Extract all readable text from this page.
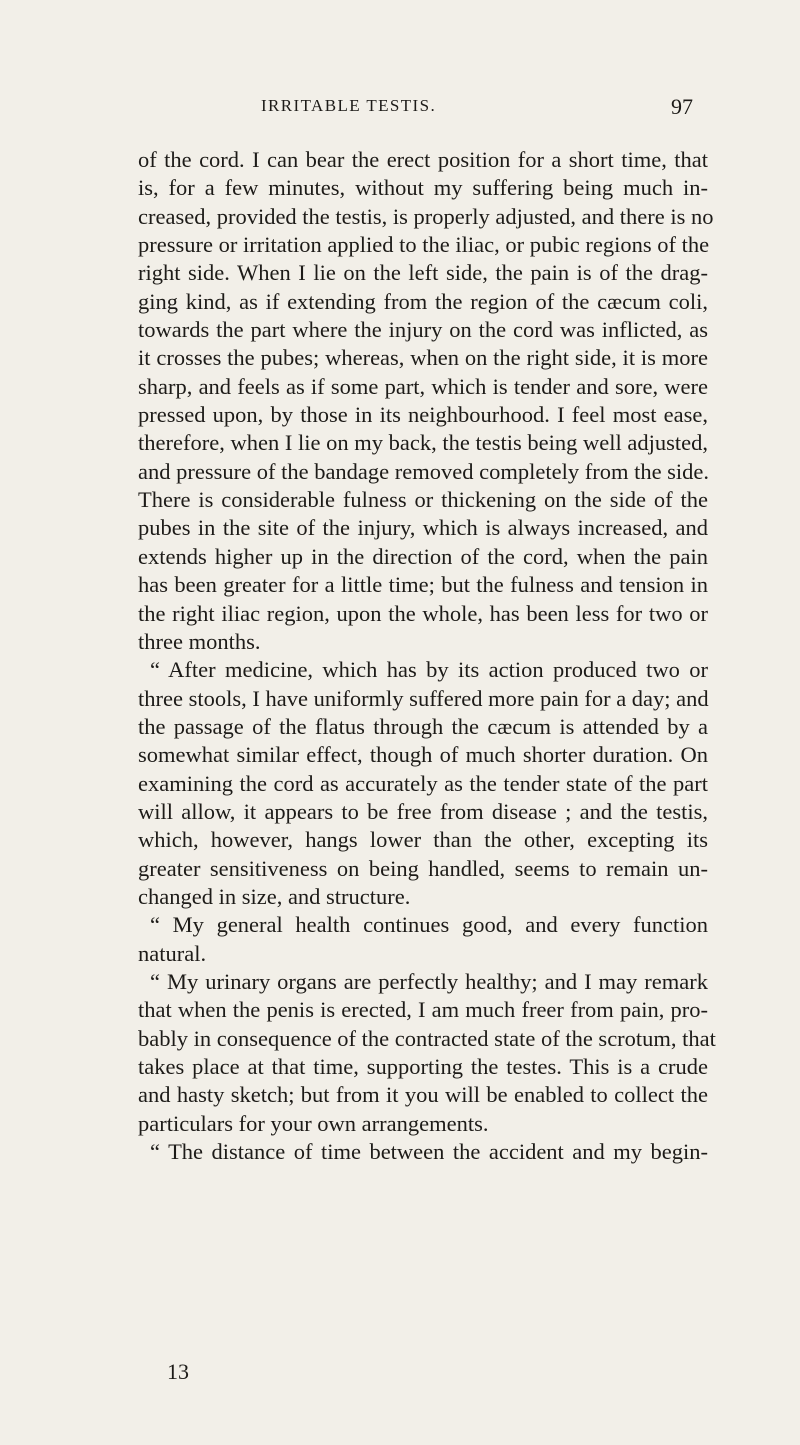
IRRITABLE TESTIS.	97
of the cord. I can bear the erect position for a short time, that
is, for a few minutes, without my suffering being much in-
creased, provided the testis, is properly adjusted, and there is no
pressure or irritation applied to the iliac, or pubic regions of the
right side. When I lie on the left side, the pain is of the drag-
ging kind, as if extending from the region of the cæcum coli,
towards the part where the injury on the cord was inflicted, as
it crosses the pubes; whereas, when on the right side, it is more
sharp, and feels as if some part, which is tender and sore, were
pressed upon, by those in its neighbourhood. I feel most ease,
therefore, when I lie on my back, the testis being well adjusted,
and pressure of the bandage removed completely from the side.
There is considerable fulness or thickening on the side of the
pubes in the site of the injury, which is always increased, and
extends higher up in the direction of the cord, when the pain
has been greater for a little time; but the fulness and tension in
the right iliac region, upon the whole, has been less for two or
three months.
“ After medicine, which has by its action produced two or
three stools, I have uniformly suffered more pain for a day; and
the passage of the flatus through the cæcum is attended by a
somewhat similar effect, though of much shorter duration. On
examining the cord as accurately as the tender state of the part
will allow, it appears to be free from disease ; and the testis,
which, however, hangs lower than the other, excepting its
greater sensitiveness on being handled, seems to remain un-
changed in size, and structure.
“ My general health continues good, and every function
natural.
“ My urinary organs are perfectly healthy; and I may remark
that when the penis is erected, I am much freer from pain, pro-
bably in consequence of the contracted state of the scrotum, that
takes place at that time, supporting the testes. This is a crude
and hasty sketch; but from it you will be enabled to collect the
particulars for your own arrangements.
“ The distance of time between the accident and my begin-
13
